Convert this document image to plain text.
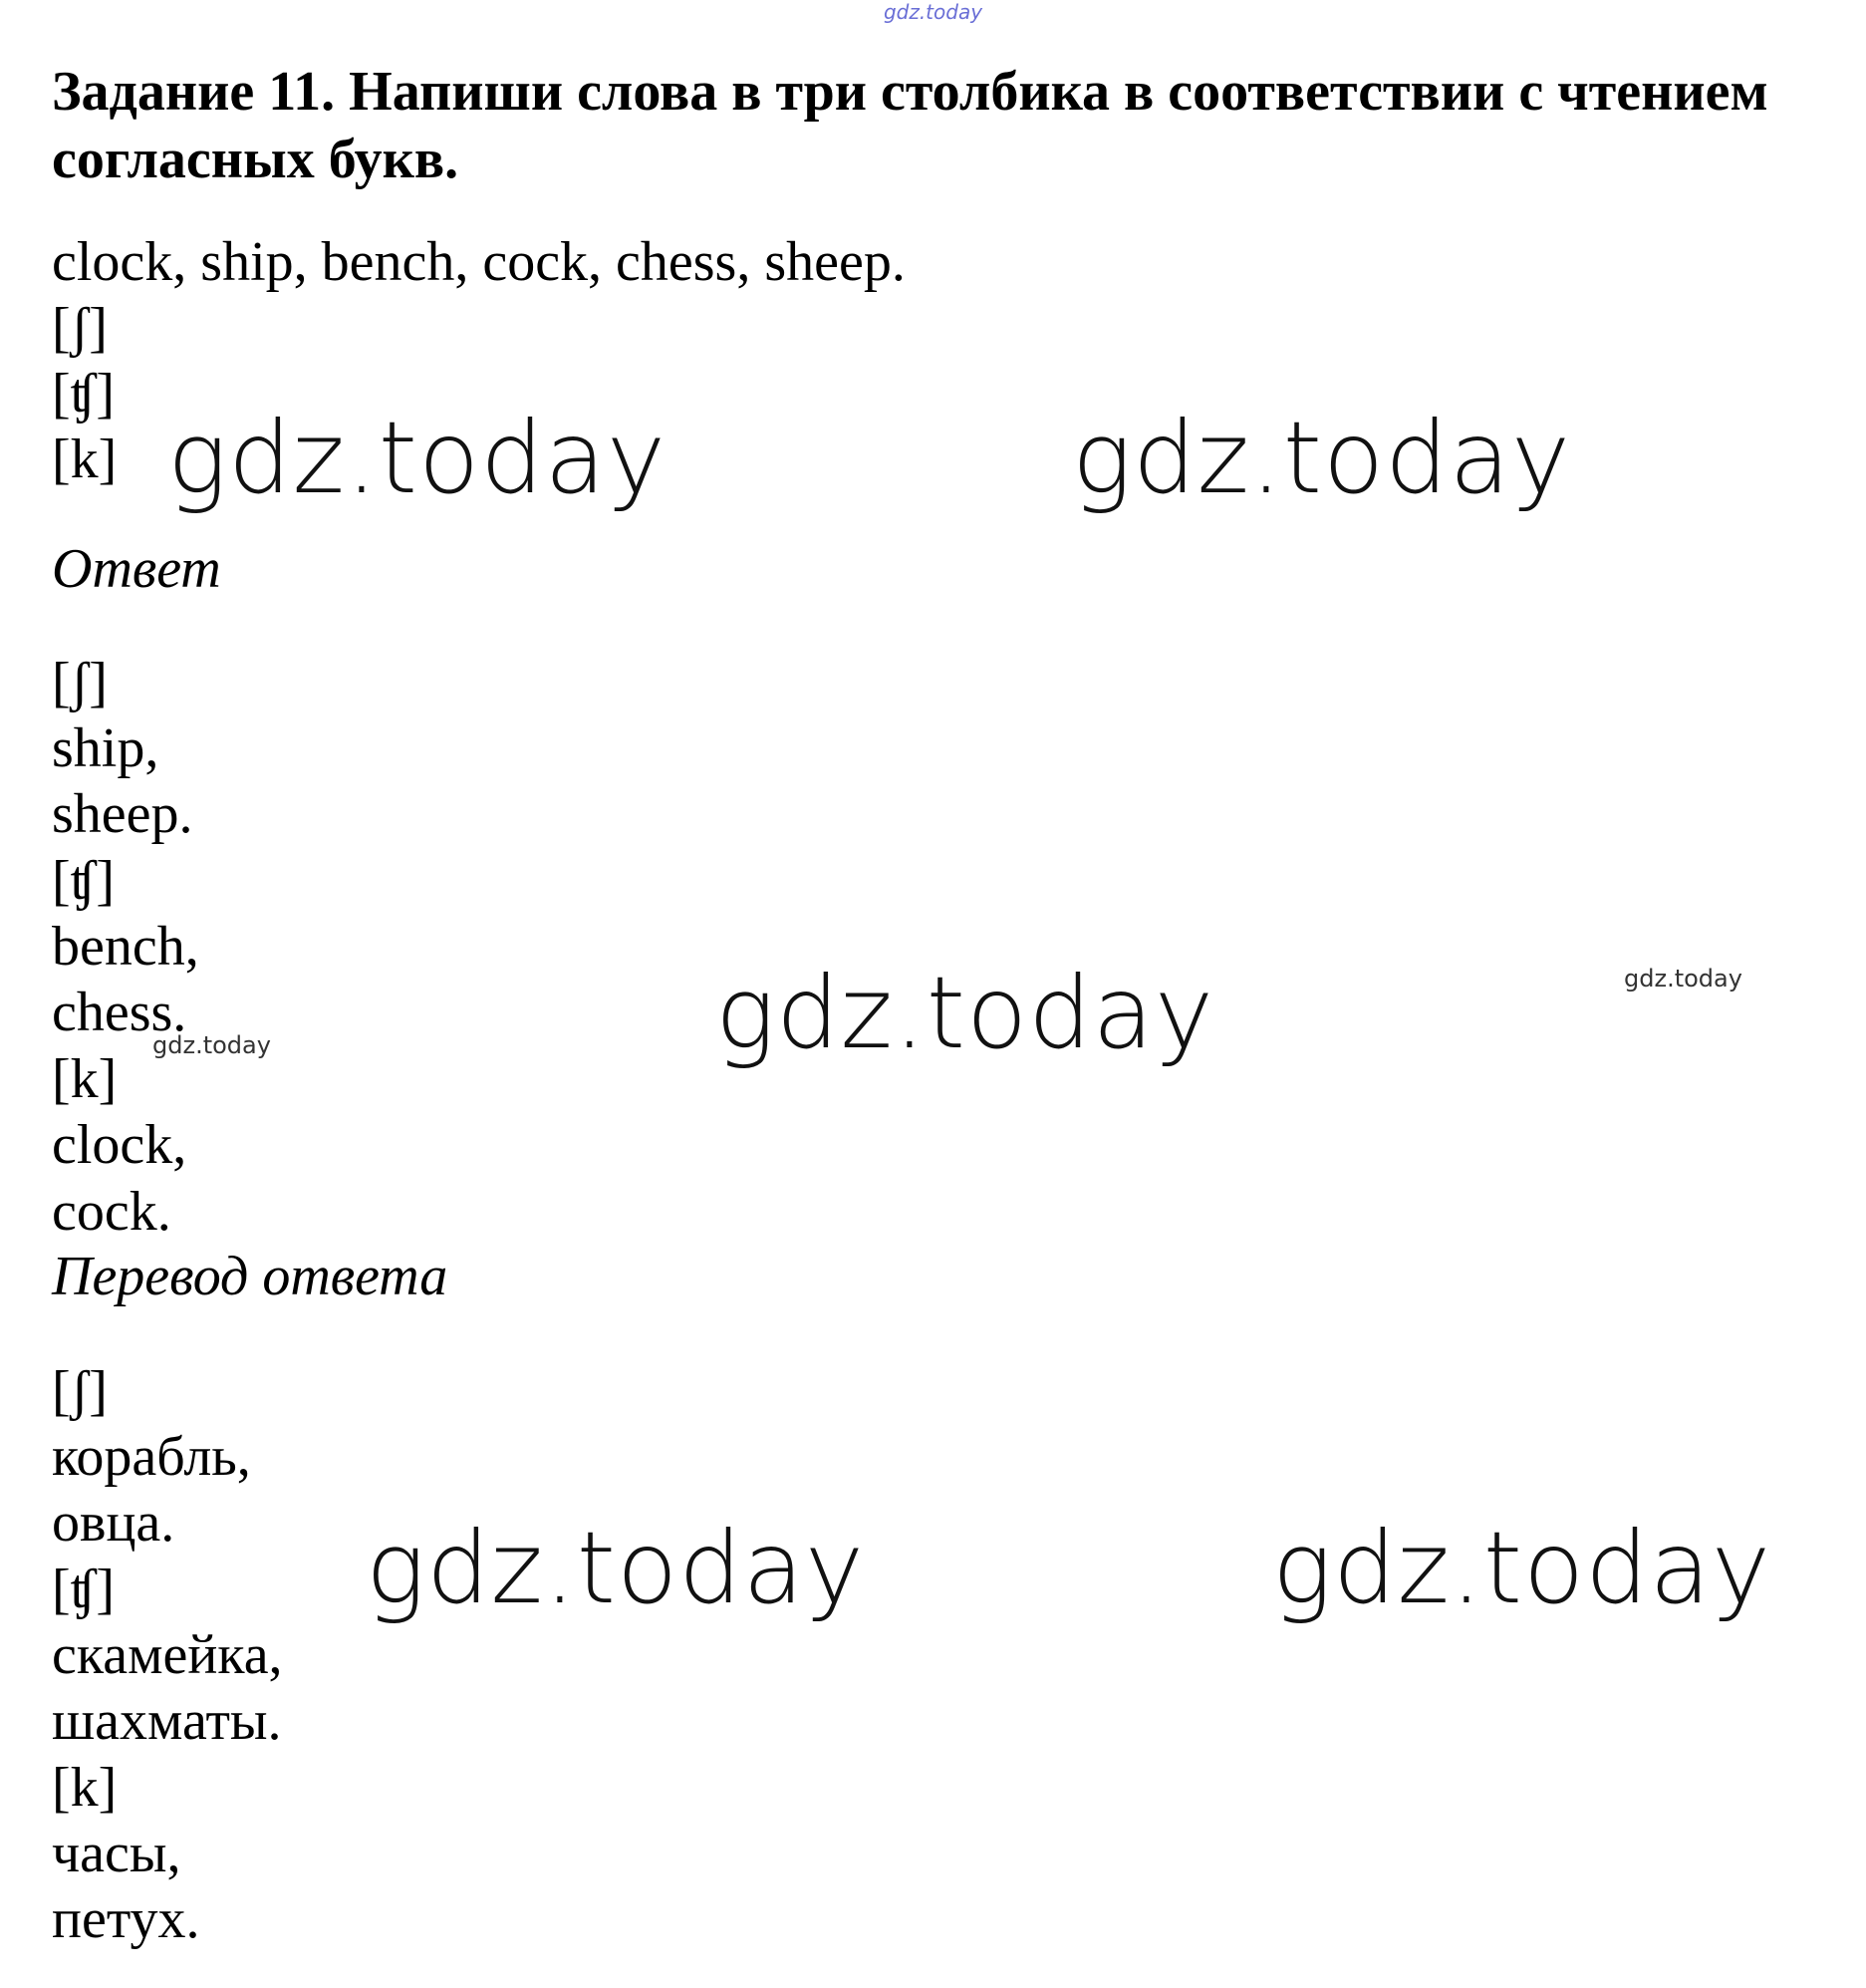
gdz.today
Задание 11. Напиши слова в три столбика в соответствии с чтением согласных букв.

clock, ship, bench, cock, chess, sheep.

[ʃ]

[ʧ]

[k]

Ответ

[ʃ]

ship,

sheep.

[ʧ]

bench,

chess.

[k]

clock,

cock.

Перевод ответа

[ʃ]

корабль,

овца.

[ʧ]

скамейка,

шахматы.

[k]

часы,

петух.

gdz.today	gdz.today
gdz.today
gdz.today	gdz.today
gdz.today
gdz.today
